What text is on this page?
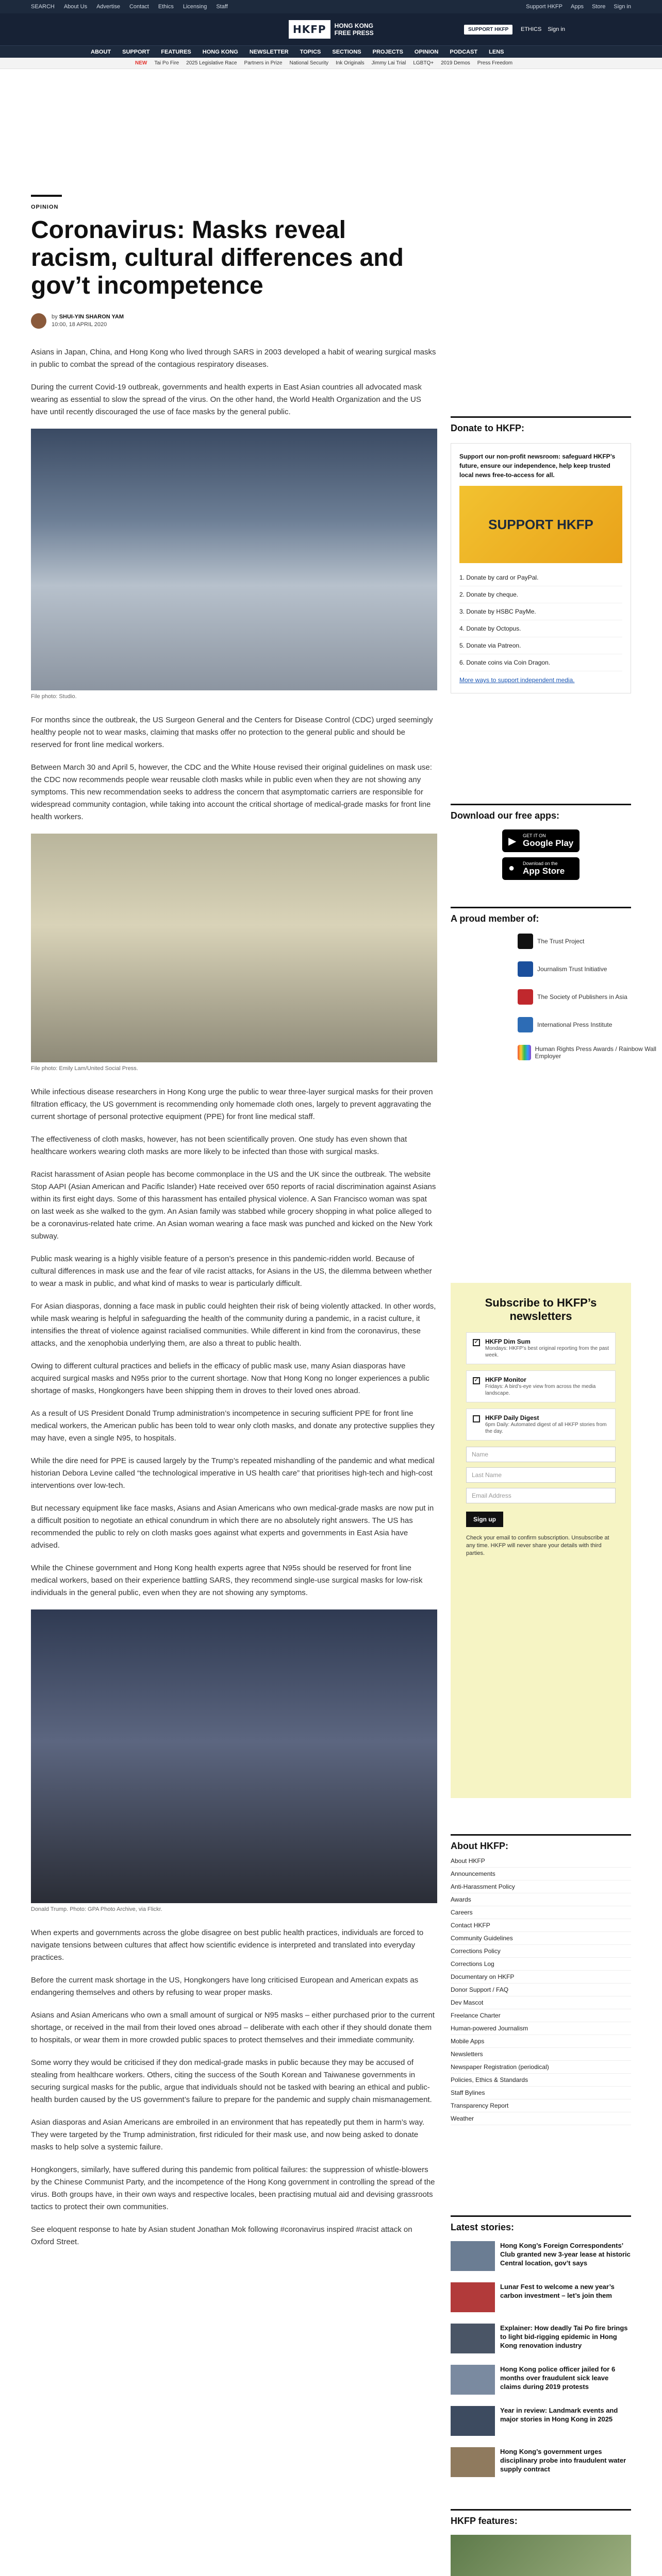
SEARCH About Us Advertise Contact Ethics Licensing Staff	Support HKFP Apps Store Sign in
HKFP	HONG KONG FREE PRESS	SUPPORT HKFP	ETHICS Sign in
ABOUT SUPPORT FEATURES HONG KONG NEWSLETTER TOPICS SECTIONS PROJECTS OPINION PODCAST LENS
NEW Tai Po Fire 2025 Legislative Race Partners in Prize National Security Ink Originals Jimmy Lai Trial LGBTQ+ 2019 Demos Press Freedom
OPINION
Coronavirus: Masks reveal racism, cultural differences and gov’t incompetence
by SHUI-YIN SHARON YAM
10:00, 18 APRIL 2020

Asians in Japan, China, and Hong Kong who lived through SARS in 2003 developed a habit of wearing surgical masks in public to combat the spread of the contagious respiratory diseases.

During the current Covid-19 outbreak, governments and health experts in East Asian countries all advocated mask wearing as essential to slow the spread of the virus. On the other hand, the World Health Organization and the US have until recently discouraged the use of face masks by the general public.

File photo: Studio.

For months since the outbreak, the US Surgeon General and the Centers for Disease Control (CDC) urged seemingly healthy people not to wear masks, claiming that masks offer no protection to the general public and should be reserved for front line medical workers.

Between March 30 and April 5, however, the CDC and the White House revised their original guidelines on mask use: the CDC now recommends people wear reusable cloth masks while in public even when they are not showing any symptoms. This new recommendation seeks to address the concern that asymptomatic carriers are responsible for widespread community contagion, while taking into account the critical shortage of medical-grade masks for front line health workers.

File photo: Emily Lam/United Social Press.

While infectious disease researchers in Hong Kong urge the public to wear three-layer surgical masks for their proven filtration efficacy, the US government is recommending only homemade cloth ones, largely to prevent aggravating the current shortage of personal protective equipment (PPE) for front line medical staff.

The effectiveness of cloth masks, however, has not been scientifically proven. One study has even shown that healthcare workers wearing cloth masks are more likely to be infected than those with surgical masks.

Racist harassment of Asian people has become commonplace in the US and the UK since the outbreak. The website Stop AAPI (Asian American and Pacific Islander) Hate received over 650 reports of racial discrimination against Asians within its first eight days. Some of this harassment has entailed physical violence. A San Francisco woman was spat on last week as she walked to the gym. An Asian family was stabbed while grocery shopping in what police alleged to be a coronavirus-related hate crime. An Asian woman wearing a face mask was punched and kicked on the New York subway.

Public mask wearing is a highly visible feature of a person’s presence in this pandemic-ridden world. Because of cultural differences in mask use and the fear of vile racist attacks, for Asians in the US, the dilemma between whether to wear a mask in public, and what kind of masks to wear is particularly difficult.

For Asian diasporas, donning a face mask in public could heighten their risk of being violently attacked. In other words, while mask wearing is helpful in safeguarding the health of the community during a pandemic, in a racist culture, it intensifies the threat of violence against racialised communities. While different in kind from the coronavirus, these attacks, and the xenophobia underlying them, are also a threat to public health.

Owing to different cultural practices and beliefs in the efficacy of public mask use, many Asian diasporas have acquired surgical masks and N95s prior to the current shortage. Now that Hong Kong no longer experiences a public shortage of masks, Hongkongers have been shipping them in droves to their loved ones abroad.

As a result of US President Donald Trump administration’s incompetence in securing sufficient PPE for front line medical workers, the American public has been told to wear only cloth masks, and donate any protective supplies they may have, even a single N95, to hospitals.

While the dire need for PPE is caused largely by the Trump’s repeated mishandling of the pandemic and what medical historian Debora Levine called “the technological imperative in US health care” that prioritises high-tech and high-cost interventions over low-tech.

But necessary equipment like face masks, Asians and Asian Americans who own medical-grade masks are now put in a difficult position to negotiate an ethical conundrum in which there are no absolutely right answers. The US has recommended the public to rely on cloth masks goes against what experts and governments in East Asia have advised.

While the Chinese government and Hong Kong health experts agree that N95s should be reserved for front line medical workers, based on their experience battling SARS, they recommend single-use surgical masks for low-risk individuals in the general public, even when they are not showing any symptoms.

Donald Trump. Photo: GPA Photo Archive, via Flickr.

When experts and governments across the globe disagree on best public health practices, individuals are forced to navigate tensions between cultures that affect how scientific evidence is interpreted and translated into everyday practices.

Before the current mask shortage in the US, Hongkongers have long criticised European and American expats as endangering themselves and others by refusing to wear proper masks.

Asians and Asian Americans who own a small amount of surgical or N95 masks – either purchased prior to the current shortage, or received in the mail from their loved ones abroad – deliberate with each other if they should donate them to hospitals, or wear them in more crowded public spaces to protect themselves and their immediate community.

Some worry they would be criticised if they don medical-grade masks in public because they may be accused of stealing from healthcare workers. Others, citing the success of the South Korean and Taiwanese governments in securing surgical masks for the public, argue that individuals should not be tasked with bearing an ethical and public-health burden caused by the US government’s failure to prepare for the pandemic and supply chain mismanagement.

Asian diasporas and Asian Americans are embroiled in an environment that has repeatedly put them in harm’s way. They were targeted by the Trump administration, first ridiculed for their mask use, and now being asked to donate masks to help solve a systemic failure.

Hongkongers, similarly, have suffered during this pandemic from political failures: the suppression of whistle-blowers by the Chinese Communist Party, and the incompetence of the Hong Kong government in controlling the spread of the virus. Both groups have, in their own ways and respective locales, been practising mutual aid and devising grassroots tactics to protect their own communities.

See eloquent response to hate by Asian student Jonathan Mok following #coronavirus inspired #racist attack on Oxford Street.

Donate to HKFP:
Support our non-profit newsroom: safeguard HKFP’s future, ensure our independence, help keep trusted local news free-to-access for all.
SUPPORT HKFP
1. Donate by card or PayPal.
2. Donate by cheque.
3. Donate by HSBC PayMe.
4. Donate by Octopus.
5. Donate via Patreon.
6. Donate coins via Coin Dragon.
More ways to support independent media.
Download our free apps:
▶ GET IT ON
Google Play
● Download on the
App Store
A proud member of:
The Trust Project
Journalism Trust Initiative
The Society of Publishers in Asia
International Press Institute
Human Rights Press Awards / Rainbow Wall Employer
Subscribe to HKFP’s newsletters
✓
HKFP Dim Sum
Mondays: HKFP’s best original reporting from the past week.
✓
HKFP Monitor
Fridays: A bird’s-eye view from across the media landscape.
HKFP Daily Digest
6pm Daily: Automated digest of all HKFP stories from the day.
Name
Last Name
Email Address
Sign up
Check your email to confirm subscription. Unsubscribe at any time. HKFP will never share your details with third parties.
About HKFP:
About HKFP
Announcements
Anti-Harassment Policy
Awards
Careers
Contact HKFP
Community Guidelines
Corrections Policy
Corrections Log
Documentary on HKFP
Donor Support / FAQ
Dev Mascot
Freelance Charter
Human-powered Journalism
Mobile Apps
Newsletters
Newspaper Registration (periodical)
Policies, Ethics & Standards
Staff Bylines
Transparency Report
Weather
Latest stories:
Hong Kong’s Foreign Correspondents’ Club granted new 3-year lease at historic Central location, gov’t says
Lunar Fest to welcome a new year’s carbon investment – let’s join them
Explainer: How deadly Tai Po fire brings to light bid-rigging epidemic in Hong Kong renovation industry
Hong Kong police officer jailed for 6 months over fraudulent sick leave claims during 2019 protests
Year in review: Landmark events and major stories in Hong Kong in 2025
Hong Kong’s government urges disciplinary probe into fraudulent water supply contract
HKFP features:
